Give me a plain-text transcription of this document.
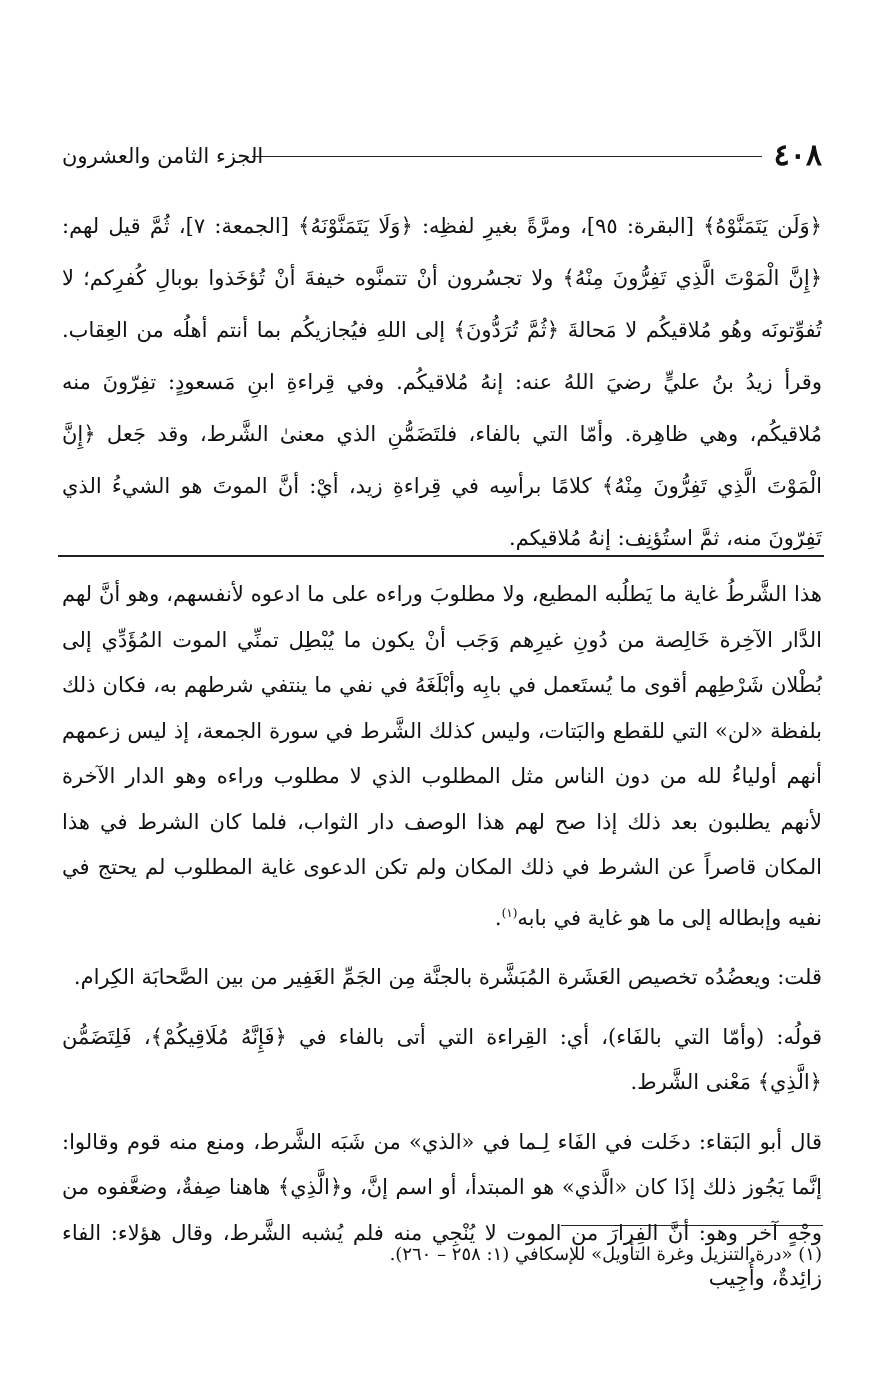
٤٠٨
الجزء الثامن والعشرون

﴿وَلَن يَتَمَنَّوْهُ﴾ [البقرة: ٩٥]، ومرَّةً بغيرِ لفظِه: ﴿وَلَا يَتَمَنَّوْنَهُ﴾ [الجمعة: ٧]، ثُمَّ قيل لهم: ﴿إِنَّ الْمَوْتَ الَّذِي تَفِرُّونَ مِنْهُ﴾ ولا تجسُرون أنْ تتمنَّوه خيفةَ أنْ تُؤخَذوا بوبالِ كُفرِكم؛ لا تُفوِّتونَه وهُو مُلاقيكُم لا مَحالةَ ﴿ثُمَّ تُرَدُّونَ﴾ إلى اللهِ فيُجازيكُم بما أنتم أهلُه من العِقاب. وقرأ زيدُ بنُ عليٍّ رضيَ اللهُ عنه: إنهُ مُلاقيكُم. وفي قِراءةِ ابنِ مَسعودٍ: تفِرّونَ منه مُلاقيكُم، وهي ظاهِرة. وأمّا التي بالفاء، فلتَضَمُّنِ الذي معنىٰ الشَّرط، وقد جَعل ﴿إِنَّ الْمَوْتَ الَّذِي تَفِرُّونَ مِنْهُ﴾ كلامًا برأسِه في قِراءةِ زيد، أيْ: أنَّ الموتَ هو الشيءُ الذي تَفِرّونَ منه، ثمَّ استُؤنِف: إنهُ مُلاقيكم.

هذا الشَّرطُ غاية ما يَطلُبه المطيع، ولا مطلوبَ وراءه على ما ادعوه لأنفسهم، وهو أنَّ لهم الدَّار الآخِرة خَالِصة من دُونِ غيرِهم وَجَب أنْ يكون ما يُبْطِل تمنِّي الموت المُؤَدِّي إلى بُطْلان شَرْطِهم أقوى ما يُستَعمل في بابِه وأبْلَغَهُ في نفي ما ينتفي شرطهم به، فكان ذلك بلفظة «لن» التي للقطع والبَتات، وليس كذلك الشَّرط في سورة الجمعة، إذ ليس زعمهم أنهم أولياءُ لله من دون الناس مثل المطلوب الذي لا مطلوب وراءه وهو الدار الآخرة لأنهم يطلبون بعد ذلك إذا صح لهم هذا الوصف دار الثواب، فلما كان الشرط في هذا المكان قاصراً عن الشرط في ذلك المكان ولم تكن الدعوى غاية المطلوب لم يحتج في نفيه وإبطاله إلى ما هو غاية في بابه$^{(١)}$.

قلت: ويعضُدُه تخصيص العَشَرة المُبَشَّرة بالجنَّة مِن الجَمِّ الغَفِير من بين الصَّحابَة الكِرام.

قولُه: (وأمّا التي بالفَاء)، أي: القِراءة التي أتى بالفاء في ﴿فَإِنَّهُ مُلَاقِيكُمْ﴾، فَلِتَضَمُّن ﴿الَّذِي﴾ مَعْنى الشَّرط.

قال أبو البَقاء: دخَلت في الفَاء لِـما في «الذي» من شَبَه الشَّرط، ومنع منه قوم وقالوا: إنَّما يَجُوز ذلك إذَا كان «الَّذي» هو المبتدأ، أو اسم إنَّ، و﴿الَّذِي﴾ هاهنا صِفةٌ، وضعَّفوه من وجْهٍ آخر وهو: أنَّ الفِرارَ من الموت لا يُنْجِي منه فلم يُشبه الشَّرط، وقال هؤلاء: الفاء زائِدةٌ، وأُجِيب

(١) «درة التنزيل وغرة التأويل» للإسكافي (١: ٢٥٨ – ٢٦٠).
